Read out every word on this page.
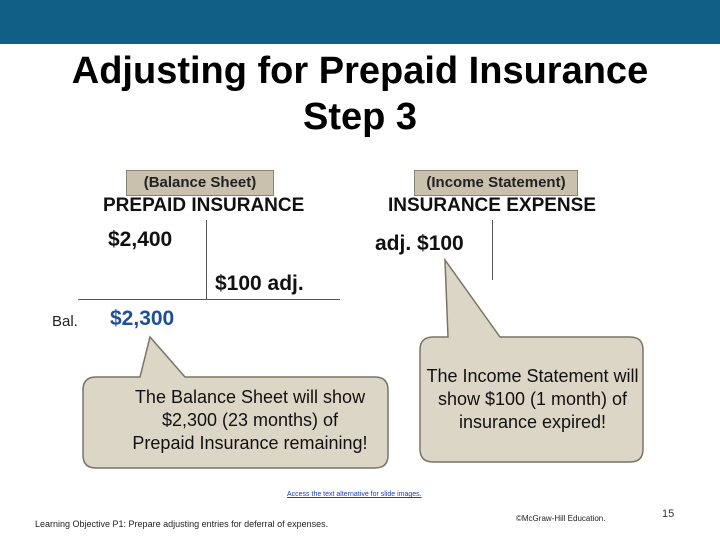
Adjusting for Prepaid Insurance
Step 3
(Balance Sheet)
PREPAID INSURANCE
$2,400
$100 adj.
Bal. $2,300
(Income Statement)
INSURANCE EXPENSE
adj. $100
The Balance Sheet will show
$2,300 (23 months) of
Prepaid Insurance remaining!
The Income Statement will
show $100 (1 month) of
insurance expired!
Access the text alternative for slide images.
Learning Objective P1: Prepare adjusting entries for deferral of expenses.
©McGraw-Hill Education.	15
